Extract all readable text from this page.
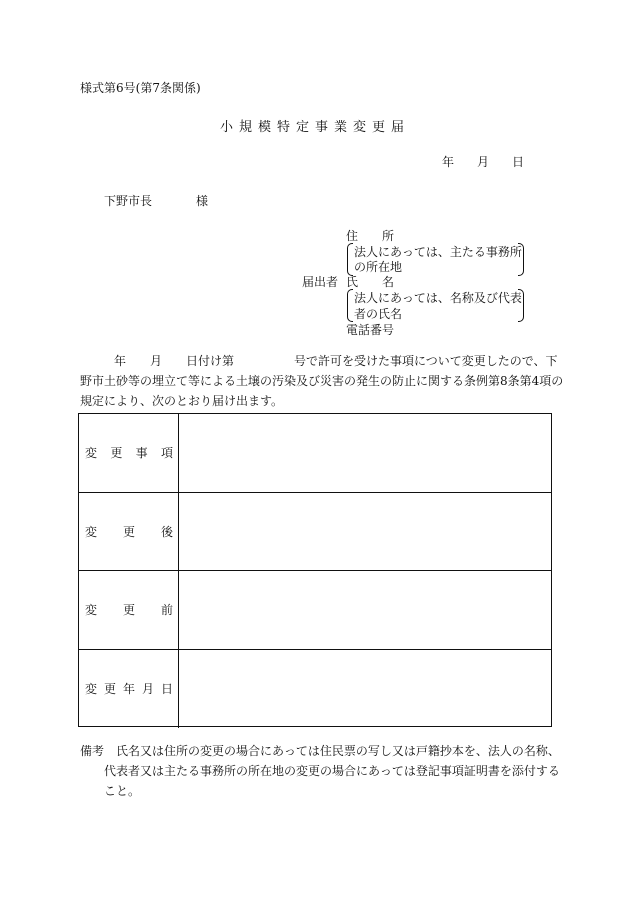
様式第6号(第7条関係)
小規模特定事業変更届
年 月 日
下野市長	様
届出者
住　　所
法人にあっては、主たる事務所
の所在地
氏　　名
法人にあっては、名称及び代表
者の氏名
電話番号
年　　月　　日付け第　　　　　号で許可を受けた事項について変更したので、下
野市土砂等の埋立て等による土壌の汚染及び災害の発生の防止に関する条例第8条第4項の
規定により、次のとおり届け出ます。
変更事項
変更後
変更前
変更年月日
備考　氏名又は住所の変更の場合にあっては住民票の写し又は戸籍抄本を、法人の名称、
代表者又は主たる事務所の所在地の変更の場合にあっては登記事項証明書を添付する
こと。
